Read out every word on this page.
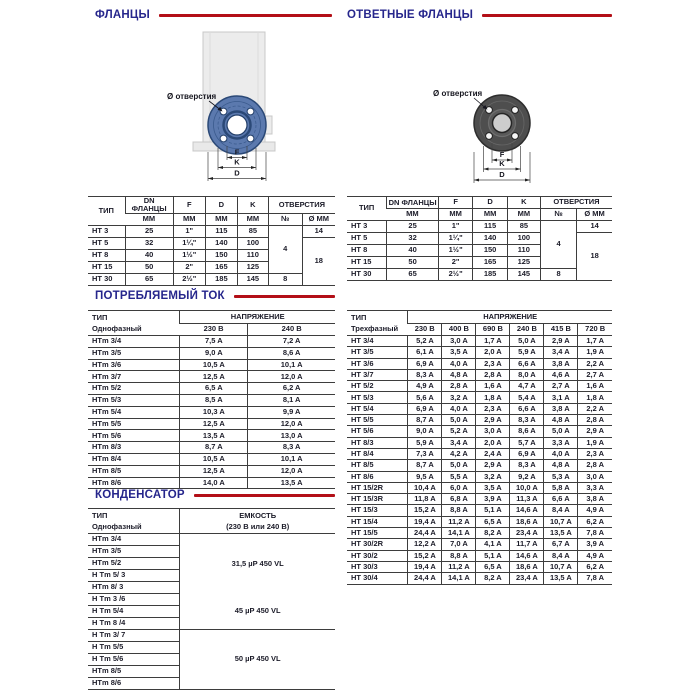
ФЛАНЦЫ	ОТВЕТНЫЕ ФЛАНЦЫ
ПОТРЕБЛЯЕМЫЙ ТОК
КОНДЕНСАТОР
Ø отверстия
F
K
D
Ø отверстия
F
K
D
ТИП	DN ФЛАНЦЫ	F	D	K	ОТВЕРСТИЯ	
	ММ	ММ	ММ	ММ	№	Ø ММ
HT 3	25	1"	115	85	4	14
HT 5	32	1¼"	140	100		18
HT 8	40	1½"	150	110		
HT 15	50	2"	165	125		
HT 30	65	2½"	185	145	8	
ТИП	DN ФЛАНЦЫ	F	D	K	ОТВЕРСТИЯ	
	ММ	ММ	ММ	ММ	№	Ø ММ
HT 3	25	1"	115	85	4	14
HT 5	32	1¼"	140	100		18
HT 8	40	1½"	150	110		
HT 15	50	2"	165	125		
HT 30	65	2½"	185	145	8	
ТИП
Однофазный	НАПРЯЖЕНИЕ	
	230 В	240 В
HTm 3/4	7,5 A	7,2 A
HTm 3/5	9,0 A	8,6 A
HTm 3/6	10,5 A	10,1 A
HTm 3/7	12,5 A	12,0 A
HTm 5/2	6,5 A	6,2 A
HTm 5/3	8,5 A	8,1 A
HTm 5/4	10,3 A	9,9 A
HTm 5/5	12,5 A	12,0 A
HTm 5/6	13,5 A	13,0 A
HTm 8/3	8,7 A	8,3 A
HTm 8/4	10,5 A	10,1 A
HTm 8/5	12,5 A	12,0 A
HTm 8/6	14,0 A	13,5 A
ТИП
Трехфазный	НАПРЯЖЕНИЕ					
	230 В	400 В	690 В	240 В	415 В	720 В
HT 3/4	5,2 A	3,0 A	1,7 A	5,0 A	2,9 A	1,7 A
HT 3/5	6,1 A	3,5 A	2,0 A	5,9 A	3,4 A	1,9 A
HT 3/6	6,9 A	4,0 A	2,3 A	6,6 A	3,8 A	2,2 A
HT 3/7	8,3 A	4,8 A	2,8 A	8,0 A	4,6 A	2,7 A
HT 5/2	4,9 A	2,8 A	1,6 A	4,7 A	2,7 A	1,6 A
HT 5/3	5,6 A	3,2 A	1,8 A	5,4 A	3,1 A	1,8 A
HT 5/4	6,9 A	4,0 A	2,3 A	6,6 A	3,8 A	2,2 A
HT 5/5	8,7 A	5,0 A	2,9 A	8,3 A	4,8 A	2,8 A
HT 5/6	9,0 A	5,2 A	3,0 A	8,6 A	5,0 A	2,9 A
HT 8/3	5,9 A	3,4 A	2,0 A	5,7 A	3,3 A	1,9 A
HT 8/4	7,3 A	4,2 A	2,4 A	6,9 A	4,0 A	2,3 A
HT 8/5	8,7 A	5,0 A	2,9 A	8,3 A	4,8 A	2,8 A
HT 8/6	9,5 A	5,5 A	3,2 A	9,2 A	5,3 A	3,0 A
HT 15/2R	10,4 A	6,0 A	3,5 A	10,0 A	5,8 A	3,3 A
HT 15/3R	11,8 A	6,8 A	3,9 A	11,3 A	6,6 A	3,8 A
HT 15/3	15,2 A	8,8 A	5,1 A	14,6 A	8,4 A	4,9 A
HT 15/4	19,4 A	11,2 A	6,5 A	18,6 A	10,7 A	6,2 A
HT 15/5	24,4 A	14,1 A	8,2 A	23,4 A	13,5 A	7,8 A
HT 30/2R	12,2 A	7,0 A	4,1 A	11,7 A	6,7 A	3,9 A
HT 30/2	15,2 A	8,8 A	5,1 A	14,6 A	8,4 A	4,9 A
HT 30/3	19,4 A	11,2 A	6,5 A	18,6 A	10,7 A	6,2 A
HT 30/4	24,4 A	14,1 A	8,2 A	23,4 A	13,5 A	7,8 A
ТИП
Однофазный

ЕМКОСТЬ
(230 В или 240 В)

HTm 3/4	31,5 µP 450 VL
HTm 3/5	
HTm 5/2	
H Tm 5/ 3	
HTm 8/ 3	
H Tm 3 /6	45 µP 450 VL
H Tm 5/4	
H Tm 8 /4	
H Tm 3/ 7	50 µP 450 VL
H Tm 5/5	
H Tm 5/6	
HTm 8/5	
HTm 8/6	
